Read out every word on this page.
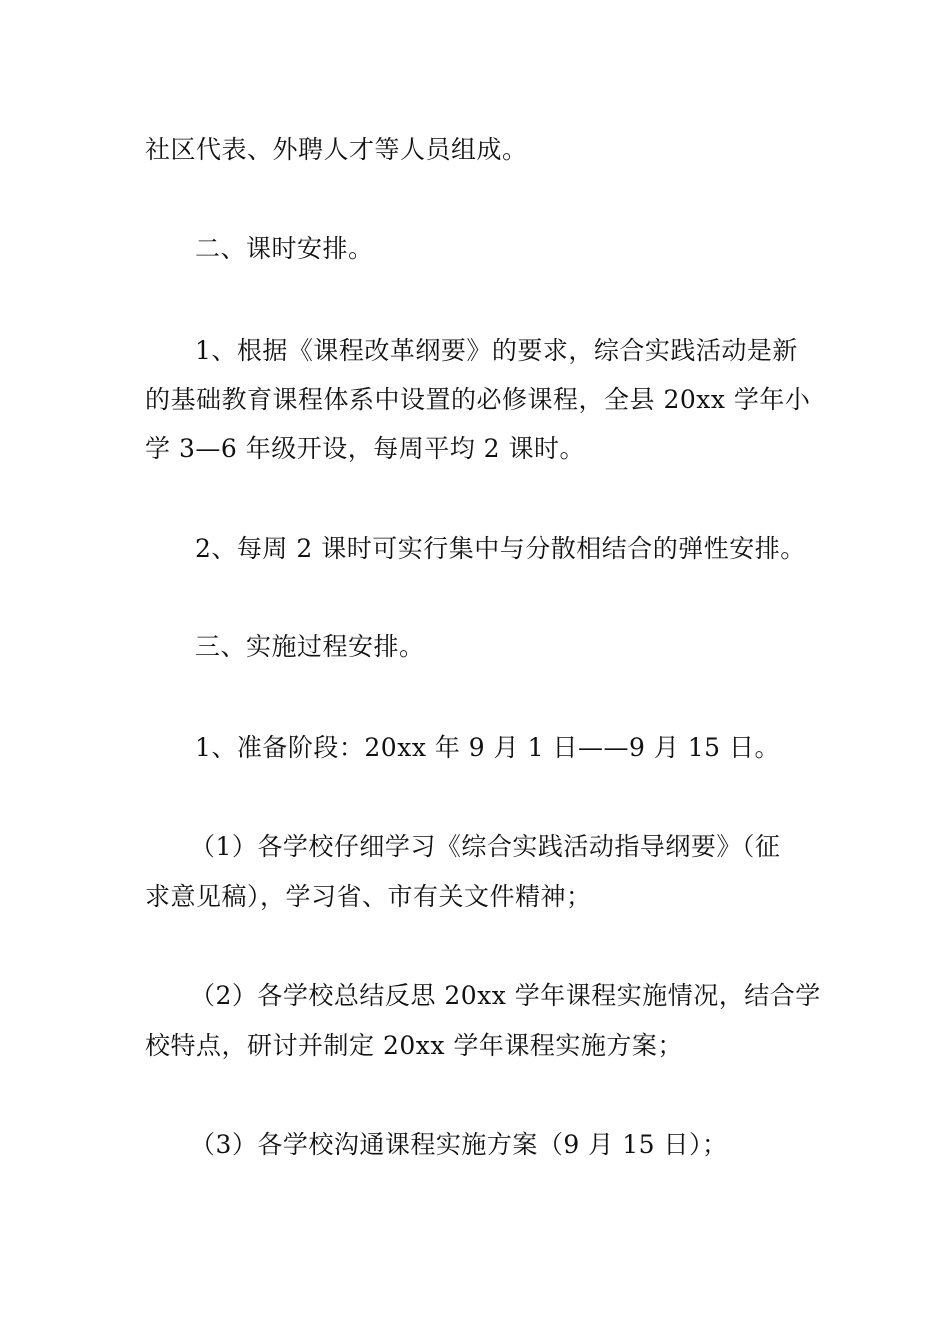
社区代表、外聘人才等人员组成。
二、课时安排。
1、根据《课程改革纲要》的要求，综合实践活动是新
的基础教育课程体系中设置的必修课程，全县 20xx 学年小
学 3—6 年级开设，每周平均 2 课时。
2、每周 2 课时可实行集中与分散相结合的弹性安排。
三、实施过程安排。
1、准备阶段：20xx 年 9 月 1 日——9 月 15 日。
（1）各学校仔细学习《综合实践活动指导纲要》（征
求意见稿），学习省、市有关文件精神；
（2）各学校总结反思 20xx 学年课程实施情况，结合学
校特点，研讨并制定 20xx 学年课程实施方案；
（3）各学校沟通课程实施方案（9 月 15 日）；
